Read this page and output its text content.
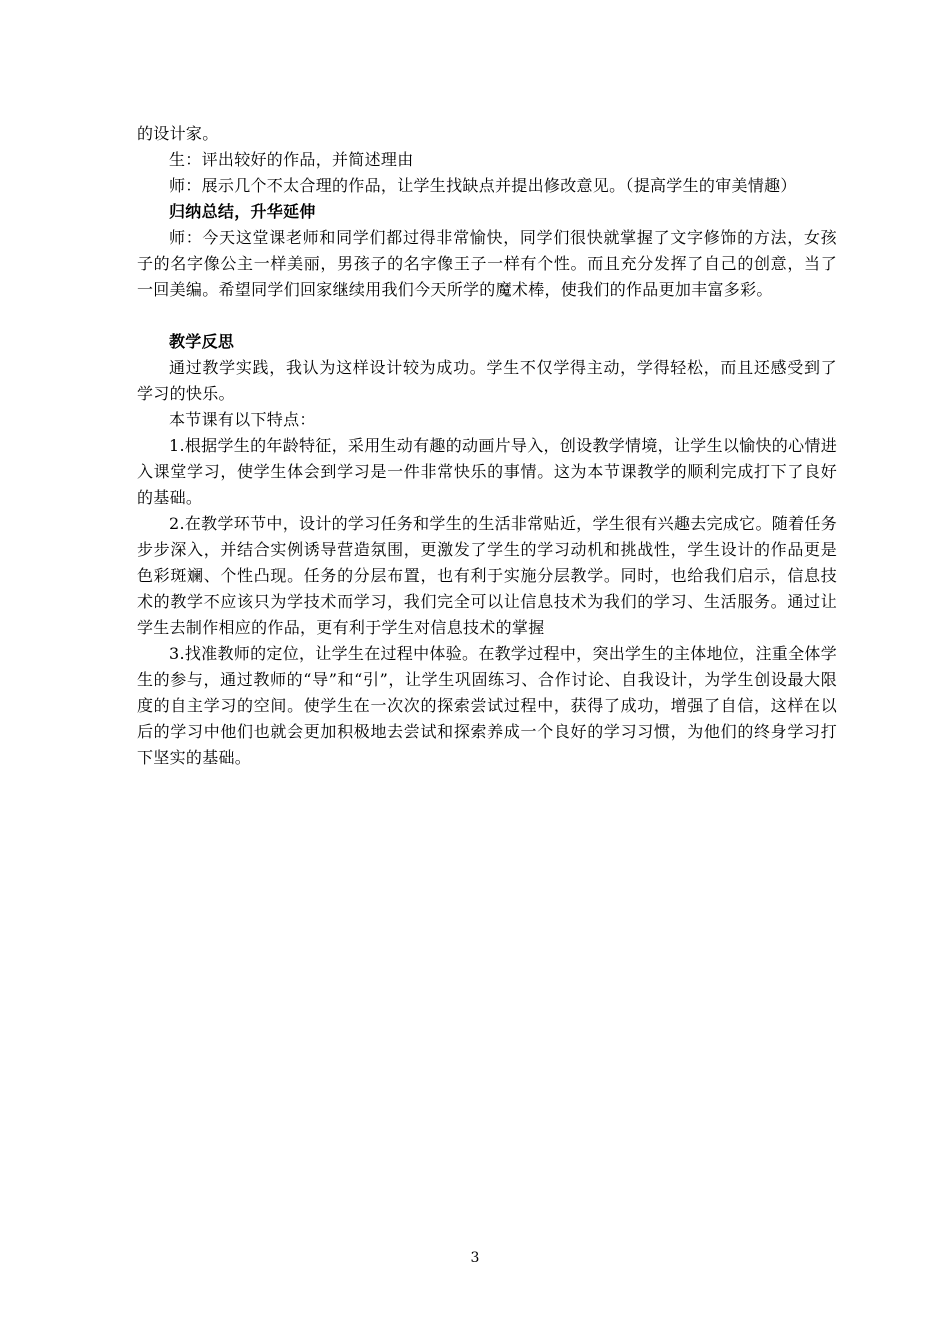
的设计家。

生：评出较好的作品，并简述理由

师：展示几个不太合理的作品，让学生找缺点并提出修改意见。（提高学生的审美情趣）

归纳总结，升华延伸

师：今天这堂课老师和同学们都过得非常愉快，同学们很快就掌握了文字修饰的方法，女孩子的名字像公主一样美丽，男孩子的名字像王子一样有个性。而且充分发挥了自己的创意，当了一回美编。希望同学们回家继续用我们今天所学的魔术棒，使我们的作品更加丰富多彩。

教学反思

通过教学实践，我认为这样设计较为成功。学生不仅学得主动，学得轻松，而且还感受到了学习的快乐。

本节课有以下特点：

1.根据学生的年龄特征，采用生动有趣的动画片导入，创设教学情境，让学生以愉快的心情进入课堂学习，使学生体会到学习是一件非常快乐的事情。这为本节课教学的顺利完成打下了良好的基础。

2.在教学环节中，设计的学习任务和学生的生活非常贴近，学生很有兴趣去完成它。随着任务步步深入，并结合实例诱导营造氛围，更激发了学生的学习动机和挑战性，学生设计的作品更是色彩斑斓、个性凸现。任务的分层布置，也有利于实施分层教学。同时，也给我们启示，信息技术的教学不应该只为学技术而学习，我们完全可以让信息技术为我们的学习、生活服务。通过让学生去制作相应的作品，更有利于学生对信息技术的掌握

3.找准教师的定位，让学生在过程中体验。在教学过程中，突出学生的主体地位，注重全体学生的参与，通过教师的“导”和“引”，让学生巩固练习、合作讨论、自我设计，为学生创设最大限度的自主学习的空间。使学生在一次次的探索尝试过程中，获得了成功，增强了自信，这样在以后的学习中他们也就会更加积极地去尝试和探索养成一个良好的学习习惯，为他们的终身学习打下坚实的基础。

3
